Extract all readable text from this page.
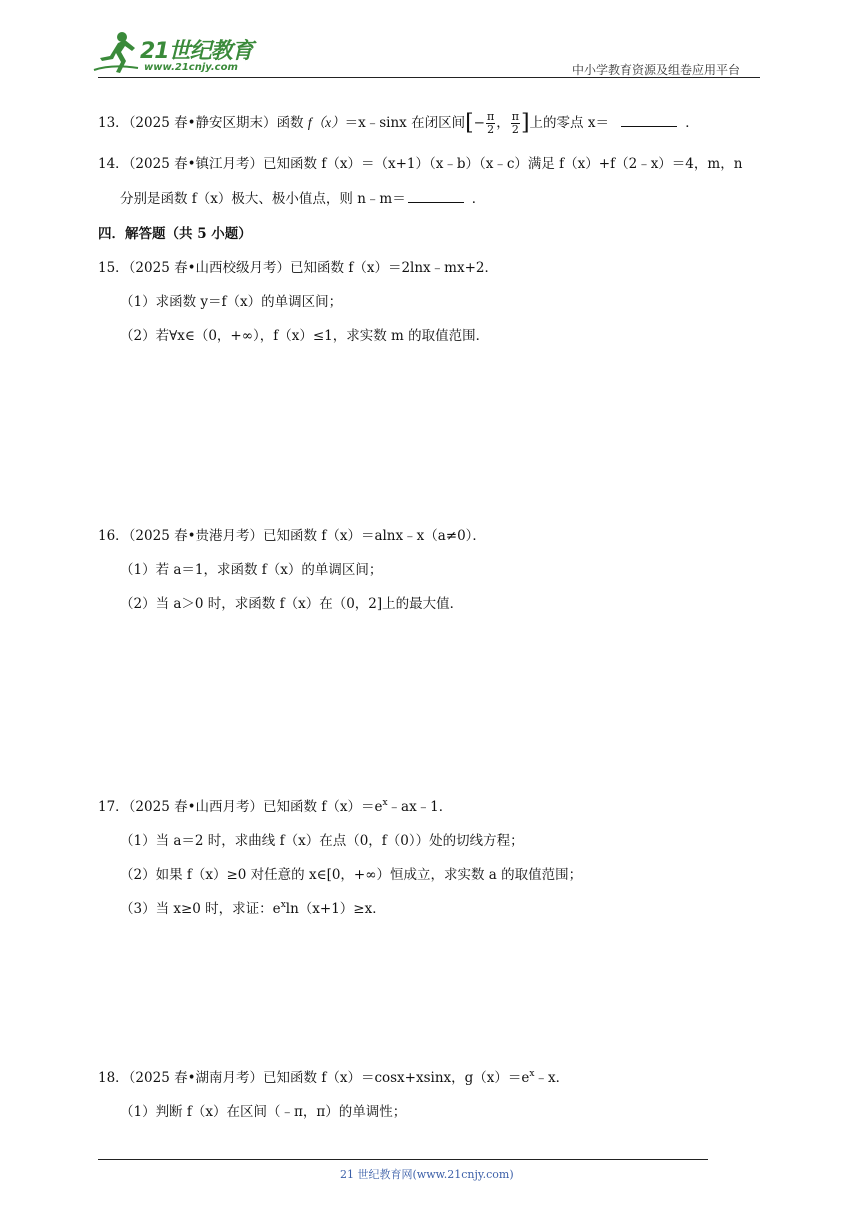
21世纪教育
www.21cnjy.com	中小学教育资源及组卷应用平台
13．（2025 春•静安区期末）函数 f（x）＝x﹣sinx 在闭区间[− $\frac{\pi}{2}$ ， $\frac{\pi}{2}$ ]上的零点 x＝	．
14．（2025 春•镇江月考）已知函数 f（x）＝（x+1）（x﹣b）（x﹣c）满足 f（x）+f（2﹣x）＝4，m，n
分别是函数 f（x）极大、极小值点，则 n﹣m＝	．
四．解答题（共 5 小题）
15．（2025 春•山西校级月考）已知函数 f（x）＝2lnx﹣mx+2．
（1）求函数 y＝f（x）的单调区间；
（2）若∀x∈（0，+∞），f（x）≤1，求实数 m 的取值范围．
16．（2025 春•贵港月考）已知函数 f（x）＝alnx﹣x（a≠0）．
（1）若 a＝1，求函数 f（x）的单调区间；
（2）当 a＞0 时，求函数 f（x）在（0，2]上的最大值．
17．（2025 春•山西月考）已知函数 $f(x)=e^x﹣ax﹣1$．
（1）当 a＝2 时，求曲线 f（x）在点（0，f（0））处的切线方程；
（2）如果 f（x）≥0 对任意的 x∈[0，+∞）恒成立，求实数 a 的取值范围；
（3）当 x≥0 时，求证：$e^x\ln(x+1)\ge x$．
18．（2025 春•湖南月考）已知函数 f（x）＝cosx+xsinx，$g(x)=e^x﹣x$．
（1）判断 f（x）在区间（﹣π，π）的单调性；
21 世纪教育网(www.21cnjy.com)
